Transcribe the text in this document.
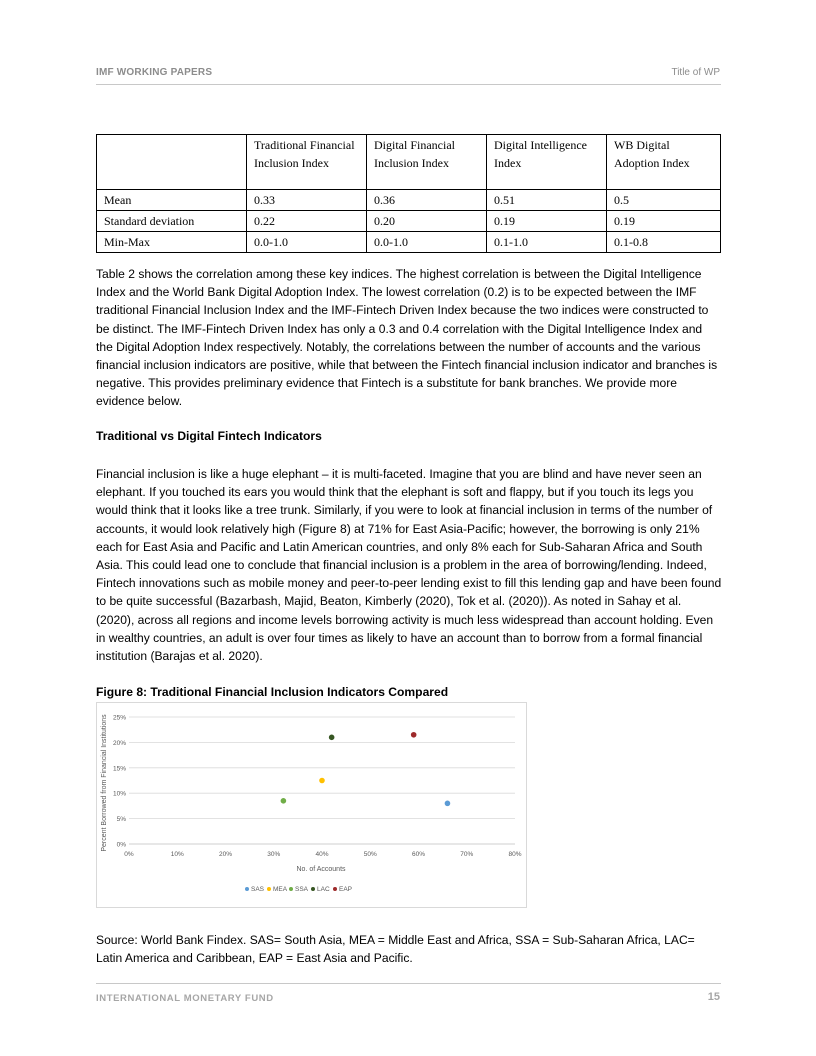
IMF WORKING PAPERS	Title of WP
	Traditional Financial Inclusion Index	Digital Financial Inclusion Index	Digital Intelligence Index	WB Digital Adoption Index
Mean	0.33	0.36	0.51	0.5
Standard deviation	0.22	0.20	0.19	0.19
Min-Max	0.0-1.0	0.0-1.0	0.1-1.0	0.1-0.8

Table 2 shows the correlation among these key indices. The highest correlation is between the Digital Intelligence Index and the World Bank Digital Adoption Index. The lowest correlation (0.2) is to be expected between the IMF traditional Financial Inclusion Index and the IMF-Fintech Driven Index because the two indices were constructed to be distinct. The IMF-Fintech Driven Index has only a 0.3 and 0.4 correlation with the Digital Intelligence Index and the Digital Adoption Index respectively. Notably, the correlations between the number of accounts and the various financial inclusion indicators are positive, while that between the Fintech financial inclusion indicator and branches is negative. This provides preliminary evidence that Fintech is a substitute for bank branches. We provide more evidence below.

Traditional vs Digital Fintech Indicators

Financial inclusion is like a huge elephant – it is multi-faceted. Imagine that you are blind and have never seen an elephant. If you touched its ears you would think that the elephant is soft and flappy, but if you touch its legs you would think that it looks like a tree trunk. Similarly, if you were to look at financial inclusion in terms of the number of accounts, it would look relatively high (Figure 8) at 71% for East Asia-Pacific; however, the borrowing is only 21% each for East Asia and Pacific and Latin American countries, and only 8% each for Sub-Saharan Africa and South Asia. This could lead one to conclude that financial inclusion is a problem in the area of borrowing/lending. Indeed, Fintech innovations such as mobile money and peer-to-peer lending exist to fill this lending gap and have been found to be quite successful (Bazarbash, Majid, Beaton, Kimberly (2020), Tok et al. (2020)). As noted in Sahay et al. (2020), across all regions and income levels borrowing activity is much less widespread than account holding. Even in wealthy countries, an adult is over four times as likely to have an account than to borrow from a formal financial institution (Barajas et al. 2020).

Figure 8: Traditional Financial Inclusion Indicators Compared

0%
5%
10%
15%
20%
25%
0%	10%	20%	30%	40%	50%	60%	70%	80%
No. of Accounts
Percent Borrowed from Financial Institutions
SAS MEA SSA LAC EAP

Source: World Bank Findex. SAS= South Asia, MEA = Middle East and Africa, SSA = Sub-Saharan Africa, LAC= Latin America and Caribbean, EAP = East Asia and Pacific.

INTERNATIONAL MONETARY FUND	15
